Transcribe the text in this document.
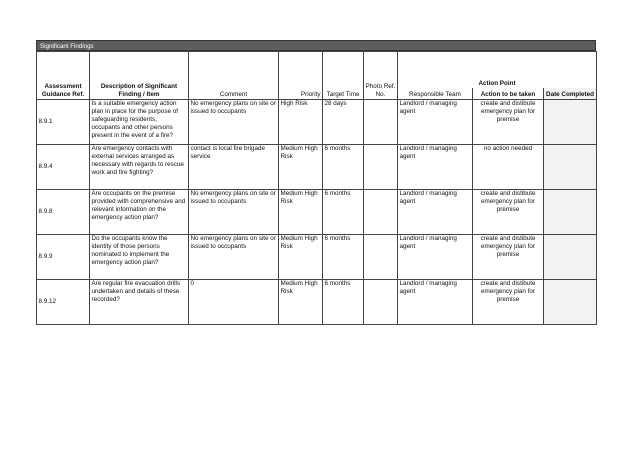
Significant Findings
Assessment Guidance Ref.	Description of Significant Finding / Item	Comment	Priority	Target Time	Photo Ref. No.	Action Point		
						Responsible Team	Action to be taken	Date Completed
8.9.1	Is a suitable emergency action plan in place for the purpose of safeguarding residents, occupants and other persons present in the event of a fire?	No emergency plans on site or issued to occupants	High Risk	28 days		Landlord / managing agent	create and distibute emergency plan for premise	
8.9.4	Are emergency contacts with external services arranged as necessary with regards to rescue work and fire fighting?	contact is local fire brigade service	Medium High Risk	6 months		Landlord / managing agent	no action needed	
8.9.8	Are occupants on the premise provided with comprehensive and relevant information on the emergency action plan?	No emergency plans on site or issued to occupants	Medium High Risk	6 months		Landlord / managing agent	create and distibute emergency plan for premise	
8.9.9	Do the occupants know the identity of those persons nominated to implement the emergency action plan?	No emergency plans on site or issued to occupants	Medium High Risk	6 months		Landlord / managing agent	create and distibute emergency plan for premise	
8.9.12	Are regular fire evacuation drills undertaken and details of these recorded?	0	Medium High Risk	6 months		Landlord / managing agent	create and distibute emergency plan for premise	
